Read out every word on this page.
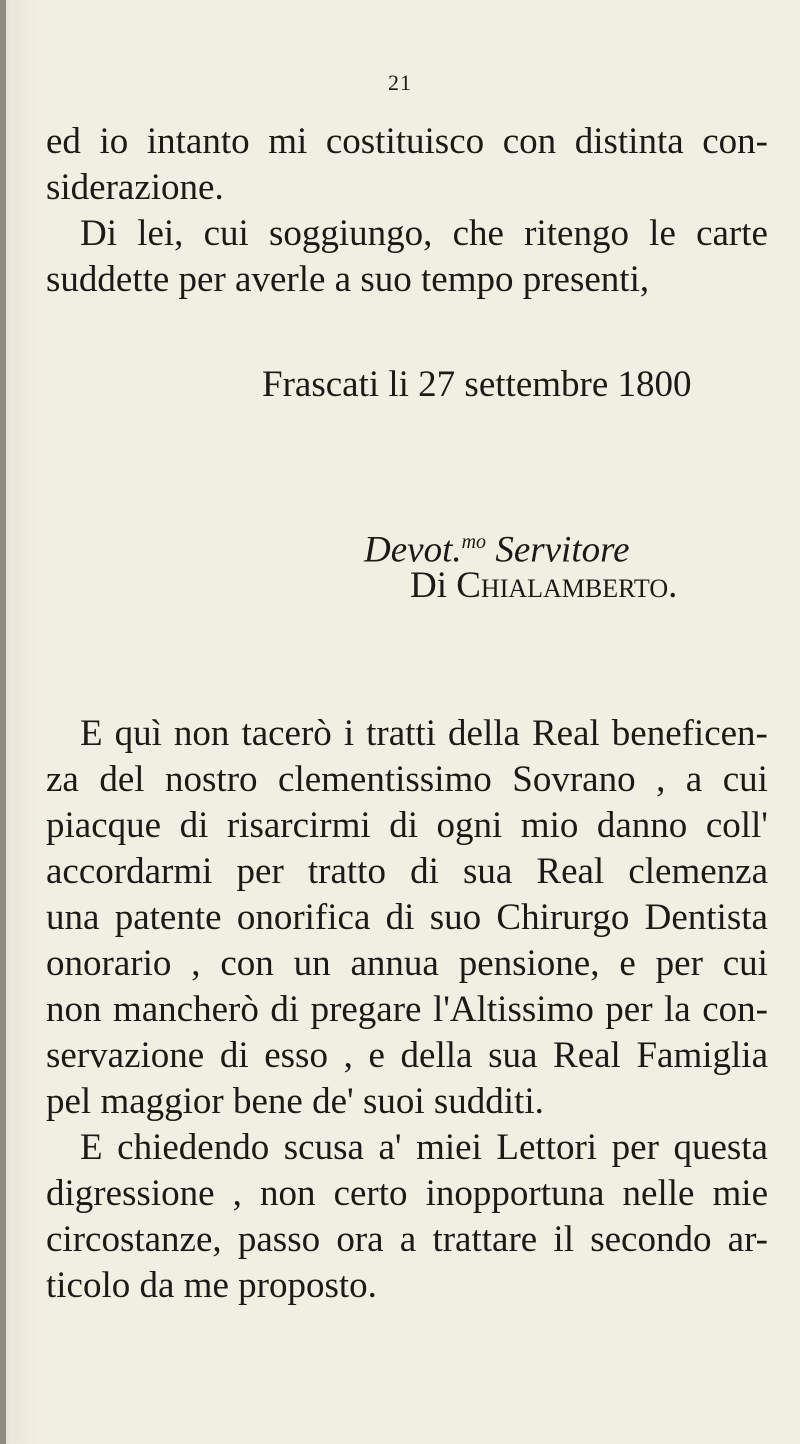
21
ed io intanto mi costituisco con distinta con-
siderazione.
Di lei, cui soggiungo, che ritengo le carte
suddette per averle a suo tempo presenti,
Frascati li 27 settembre 1800
Devot.$^{mo}$ Servitore
Di Chialamberto.
E quì non tacerò i tratti della Real beneficen-
za del nostro clementissimo Sovrano , a cui
piacque di risarcirmi di ogni mio danno coll'
accordarmi per tratto di sua Real clemenza
una patente onorifica di suo Chirurgo Dentista
onorario , con un annua pensione, e per cui
non mancherò di pregare l'Altissimo per la con-
servazione di esso , e della sua Real Famiglia
pel maggior bene de' suoi sudditi.
E chiedendo scusa a' miei Lettori per questa
digressione , non certo inopportuna nelle mie
circostanze, passo ora a trattare il secondo ar-
ticolo da me proposto.
